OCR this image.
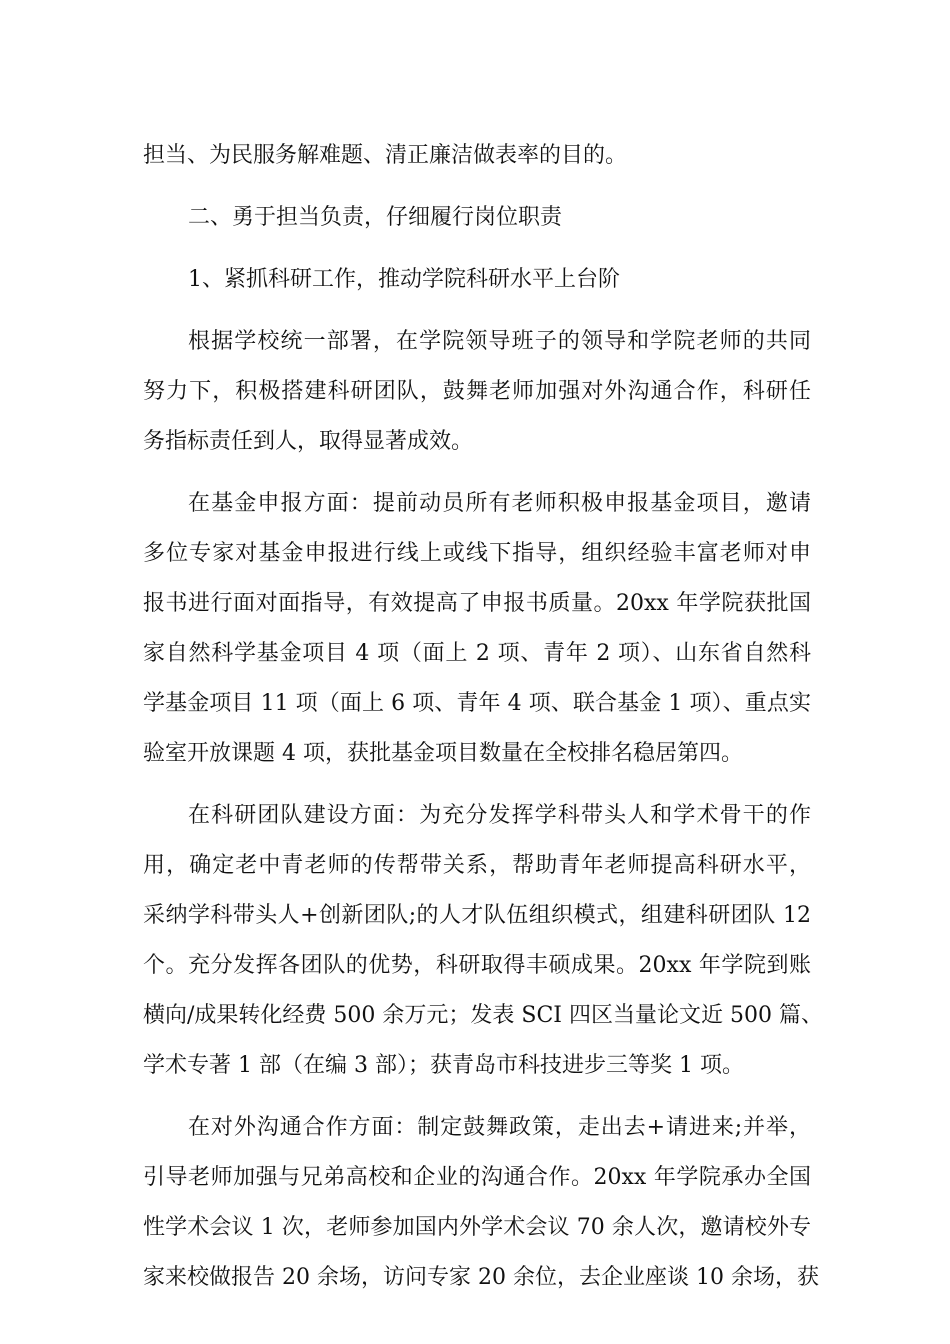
担当、为民服务解难题、清正廉洁做表率的目的。
二、勇于担当负责，仔细履行岗位职责
1、紧抓科研工作，推动学院科研水平上台阶
根据学校统一部署，在学院领导班子的领导和学院老师的共同
努力下，积极搭建科研团队，鼓舞老师加强对外沟通合作，科研任
务指标责任到人，取得显著成效。
在基金申报方面：提前动员所有老师积极申报基金项目，邀请
多位专家对基金申报进行线上或线下指导，组织经验丰富老师对申
报书进行面对面指导，有效提高了申报书质量。20xx 年学院获批国
家自然科学基金项目 4 项（面上 2 项、青年 2 项）、山东省自然科
学基金项目 11 项（面上 6 项、青年 4 项、联合基金 1 项）、重点实
验室开放课题 4 项，获批基金项目数量在全校排名稳居第四。
在科研团队建设方面：为充分发挥学科带头人和学术骨干的作
用，确定老中青老师的传帮带关系，帮助青年老师提高科研水平，
采纳学科带头人+创新团队;的人才队伍组织模式，组建科研团队 12
个。充分发挥各团队的优势，科研取得丰硕成果。20xx 年学院到账
横向/成果转化经费 500 余万元；发表 SCI 四区当量论文近 500 篇、
学术专著 1 部（在编 3 部）；获青岛市科技进步三等奖 1 项。
在对外沟通合作方面：制定鼓舞政策，走出去+请进来;并举，
引导老师加强与兄弟高校和企业的沟通合作。20xx 年学院承办全国
性学术会议 1 次，老师参加国内外学术会议 70 余人次，邀请校外专
家来校做报告 20 余场，访问专家 20 余位，去企业座谈 10 余场，获
